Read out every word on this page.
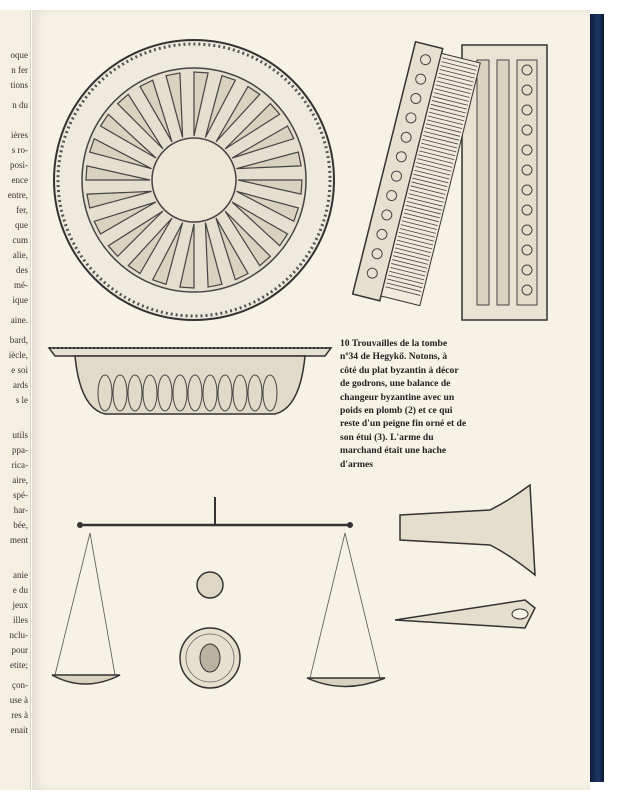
oque
n fer
tions
n du
ières
s ro-
posi-
ence
entre,
fer,
que
cum
alie,
des
mé-
ique
aine.
bard,
iècle,
e soi
ards
s le
utils
ppa-
rica-
aire,
spé-
har-
bée,
ment
anie
e du
jeux
illes
nclu-
pour
etite;
çon-
use à
res à
enait
10 Trouvailles de la tombe
nº34 de Hegykő. Notons, à
côté du plat byzantin à décor
de godrons, une balance de
changeur byzantine avec un
poids en plomb (2) et ce qui
reste d'un peigne fin orné et de
son étui (3). L'arme du
marchand était une hache
d'armes
